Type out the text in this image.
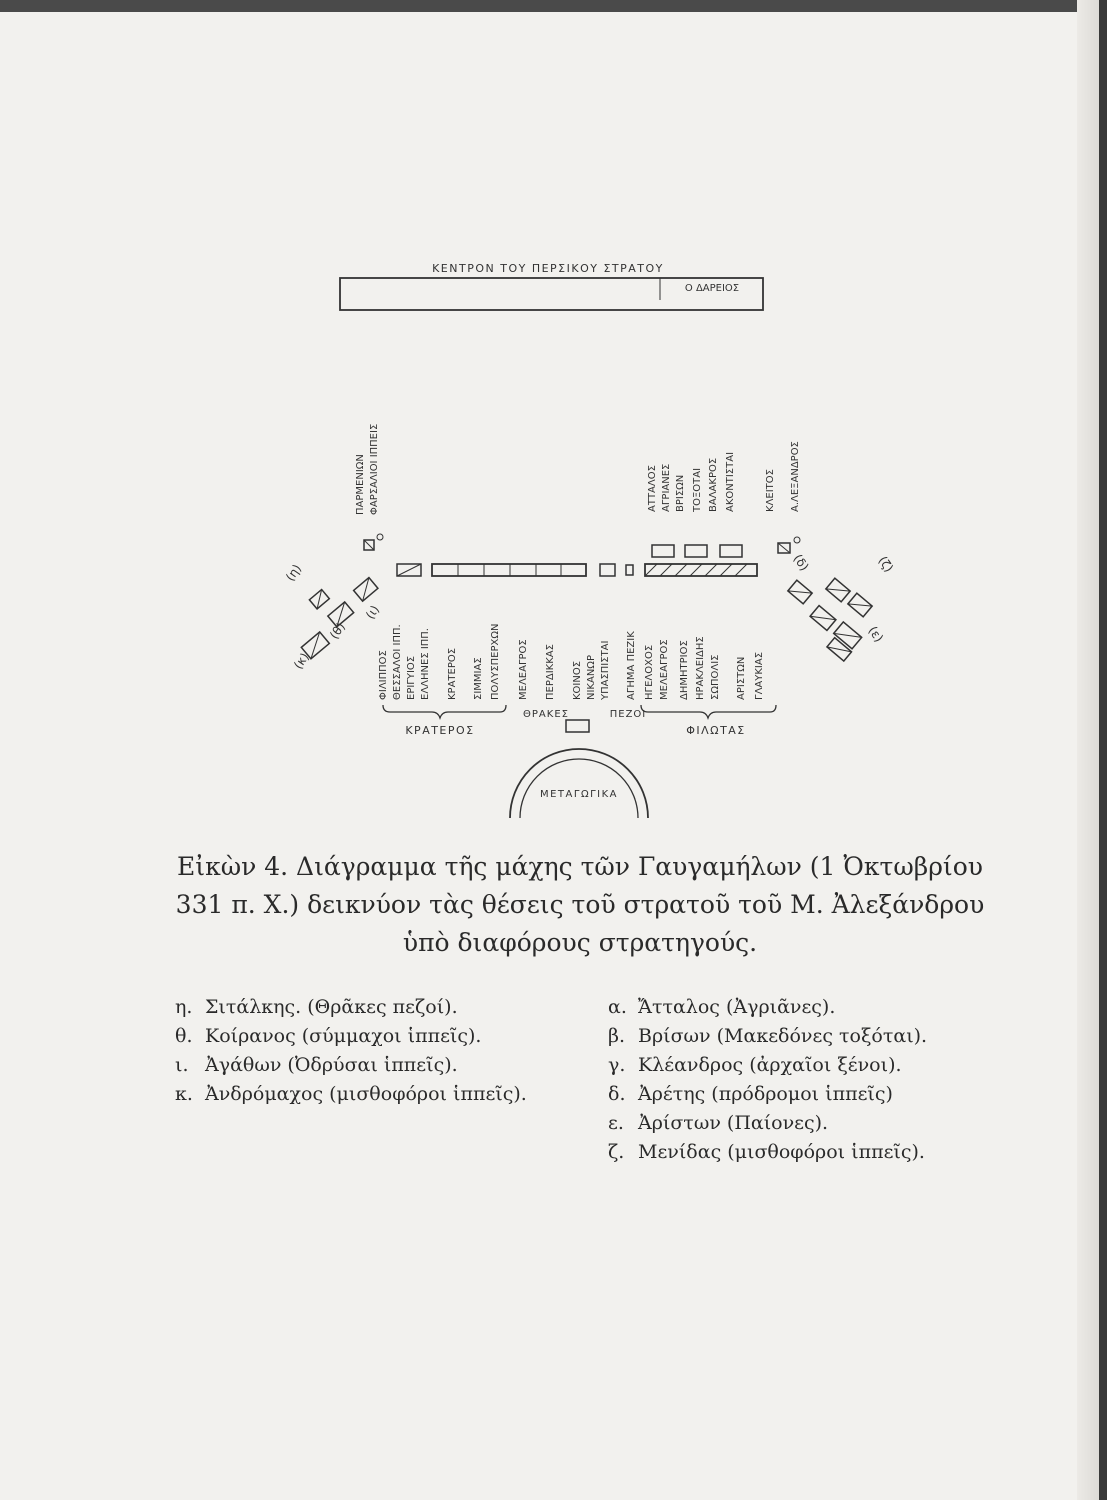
ΚΕΝΤΡΟΝ ΤΟΥ ΠΕΡΣΙΚΟΥ ΣΤΡΑΤΟΥ
Ο ΔΑΡΕΙΟΣ
ΠΑΡΜΕΝΙΩΝ ΦΑΡΣΑΛΙΟΙ ΙΠΠΕΙΣ	ΑΤΤΑΛΟΣ ΑΓΡΙΑΝΕΣ ΒΡΙΣΩΝ ΤΟΞΟΤΑΙ ΒΑΛΑΚΡΟΣ ΑΚΟΝΤΙΣΤΑΙ	ΚΛΕΙΤΟΣ Α.ΛΕΞΑΝΔΡΟΣ
ΦΙΛΙΠΠΟΣ ΘΕΣΣΑΛΟΙ ΙΠΠ. ΕΡΙΓΥΙΟΣ ΕΛΛΗΝΕΣ ΙΠΠ. ΚΡΑΤΕΡΟΣ ΣΙΜΜΙΑΣ ΠΟΛΥΣΠΕΡΧΩΝ ΜΕΛΕΑΓΡΟΣ ΠΕΡΔΙΚΚΑΣ ΚΟΙΝΟΣ ΝΙΚΑΝΩΡ ΥΠΑΣΠΙΣΤΑΙ ΑΓΗΜΑ ΠΕΖΙΚ ΗΓΕΛΟΧΟΣ ΜΕΛΕΑΓΡΟΣ ΔΗΜΗΤΡΙΟΣ ΗΡΑΚΛΕΙΔΗΣ ΣΩΠΟΛΙΣ ΑΡΙΣΤΩΝ ΓΛΑΥΚΙΑΣ
ΚΡΑΤΕΡΟΣ
ΘΡΑΚΕΣ	ΠΕΖΟΙ
ΦΙΛΩΤΑΣ
ΜΕΤΑΓΩΓΙΚΑ
(η)
(θ)
(ι)
(κ)
(δ)
(ε)
(ζ)
Εἰκὼν 4. Διάγραμμα τῆς μάχης τῶν Γαυγαμήλων (1 Ὀκτωβρίου
331 π. Χ.) δεικνύον τὰς θέσεις τοῦ στρατοῦ τοῦ Μ. Ἀλεξάνδρου
ὑπὸ διαφόρους στρατηγούς.
η. Σιτάλκης. (Θρᾶκες πεζοί).
θ. Κοίρανος (σύμμαχοι ἱππεῖς).
ι. Ἀγάθων (Ὀδρύσαι ἱππεῖς).
κ. Ἀνδρόμαχος (μισθοφόροι ἱππεῖς).
α. Ἄτταλος (Ἀγριᾶνες).
β. Βρίσων (Μακεδόνες τοξόται).
γ. Κλέανδρος (ἀρχαῖοι ξένοι).
δ. Ἀρέτης (πρόδρομοι ἱππεῖς)
ε. Ἀρίστων (Παίονες).
ζ. Μενίδας (μισθοφόροι ἱππεῖς).
